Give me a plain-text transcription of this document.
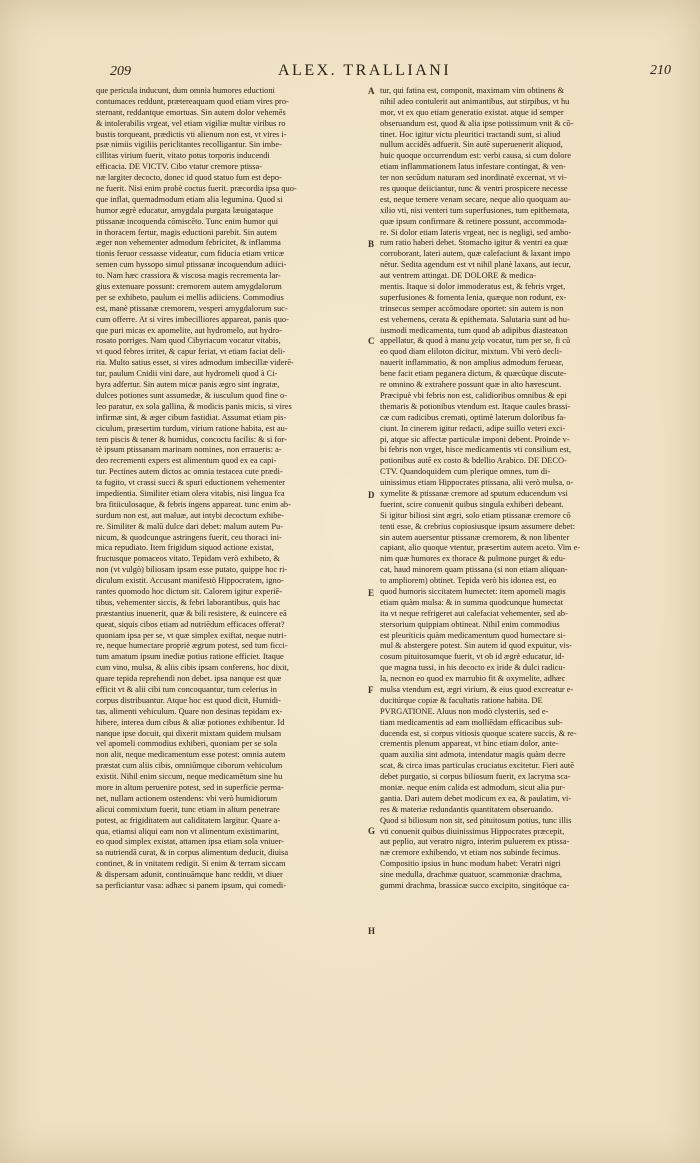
209	ALEX. TRALLIANI	210
que pericula inducunt, dum omnia humores eductioni
contumaces reddunt, prætereaquam quod etiam vires pro-
sternant, reddantque emortuas. Sin autem dolor vehemēs
& intolerabilis vrgeat, vel etiam vigiliæ multæ viribus ro
bustis torqueant, prædictis vti alienum non est, vt vires i-
psæ nimiis vigiliis periclitantes recolligantur. Sin imbe-
cillitas virium fuerit, vitato potus torporis inducendi
efficacia. DE VICTV. Cibo vtatur cremore ptissa-
næ largiter decocto, donec id quod statuo fum est depo-
ne fuerit. Nisi enim probè coctus fuerit. præcordia ipsa quo-
que inflat, quemadmodum etiam alia legumina. Quod si
humor ægrè educatur, amygdala purgata læuigataque
ptissanæ incoquenda cōmiscēto. Tunc enim humor qui
in thoracem fertur, magis eductioni parebit. Sin autem
æger non vehementer admodum febricitet, & inflamma
tionis feruor cessasse videatur, cum fiducia etiam vrticæ
semen cum hyssopo simul ptissanæ incoquendum adiici-
to. Nam hæc crassiora & viscosa magis recrementa lar-
gius extenuare possunt: cremorem autem amygdalorum
per se exhibeto, paulum ei mellis adiiciens. Commodius
est, manè ptissanæ cremorem, vesperi amygdalorum suc-
cum offerre. At si vires imbecilliores appareat, panis quo-
que puri micas ex apomelite, aut hydromelo, aut hydro-
rosato porriges. Nam quod Cibyriacum vocatur vitabis,
vt quod febres irritet, & capur feriat, vt etiam faciat deli-
ria. Multo satius esset, si vires admodum imbecillæ viderē-
tur, paulum Cnidii vini dare, aut hydromeli quod à Ci-
byra adfertur. Sin autem micæ panis ægro sint ingratæ,
dulces potiones sunt assumedæ, & iusculum quod fine o-
leo paratur, ex sola gallina, & modicis panis micis, si vires
infirmæ sint, & æger cibum fastidiat. Assumat etiam pis-
ciculum, præsertim turdum, virium ratione habita, est au-
tem piscis & tener & humidus, concoctu facilis: & si for-
tè ipsum ptissanam marinam nomines, non erraueris: a-
deo recrementi expers est alimentum quod ex ea capi-
tur. Pectines autem dictos ac omnia testacea cute prædi-
ta fugito, vt crassi succi & spuri eductionem vehementer
impedientia. Similiter etiam olera vitabis, nisi lingua fca
bra fitiiculosaque, & febris ingens appareat. tunc enim ab-
surdum non est, aut maluæ, aut intybi decoctum exhibe-
re. Similiter & malū dulce dari debet: malum autem Pu-
nicum, & quodcunque astringens fuerit, ceu thoraci ini-
mica repudiato. Item frigidum siquod actione existat,
fructusque pomaceos vitato. Tepidam verò exhibeto, &
non (vt vulgò) biliosam ipsam esse putato, quippe hoc ri-
diculum existit. Accusant manifestò Hippocratem, igno-
rantes quomodo hoc dictum sit. Calorem igitur experiē-
tibus, vehementer siccis, & febri laborantibus, quis hac
præstantius inuenerit, quæ & bili resistere, & euincere eā
queat, siquis cibos etiam ad nutriēdum efficaces offerat?
quoniam ipsa per se, vt quæ simplex exiftat, neque nutri-
re, neque humectare propriè ægrum potest, sed tum ficci-
tum amatum ipsum inediæ potius ratione efficiet. Itaque
cum vino, mulsa, & aliis cibis ipsam conferens, hoc dixit,
quare tepida reprehendi non debet. ipsa nanque est quæ
efficit vt & alii cibi tum concoquantur, tum celerius in
corpus distribuantur. Atque hoc est quod dicit, Humidi-
tas, alimenti vehiculum. Quare non desinas tepidam ex-
hibere, interea dum cibus & aliæ potiones exhibentur. Id
nanque ipse docuit, qui dixerit mixtam quidem mulsam
vel apomeli commodius exhiberi, quoniam per se sola
non alit, neque medicamentum esse potest: omnia autem
præstat cum aliis cibis, omniūmque ciborum vehiculum
existit. Nihil enim siccum, neque medicamētum sine hu
more in altum peruenire potest, sed in superficie perma-
net, nullam actionem ostendens: vbi verò humidiorum
alicui commixtum fuerit, tunc etiam in altum penetrare
potest, ac frigiditatem aut caliditatem largitur. Quare a-
qua, etiamsi aliqui eam non vt alimentum existimarint,
eo quod simplex existat, attamen ipsa etiam sola vniuer-
sa nutriendā curat, & in corpus alimentum deducit, diuisa
continet, & in vnitatem redigit. Si enim & terram siccam
& dispersam adunit, continuāmque hanc reddit, vt diuer
sa perficiantur vasa: adhæc si panem ipsum, qui comedi-
tur, qui fatina est, componit, maximam vim obtinens &
nihil adeo contulerit aut animantibus, aut stirpibus, vt hu
mor, vt ex quo etiam generatio existat. atque id semper
obseruandum est, quod & alia ipse potissimum vnit & cō-
tinet. Hoc igitur victu pleuritici tractandi sunt, si aliud
nullum accidēs adfuerit. Sin autē superuenerit aliquod,
huic quoque occurrendum est: verbi causa, si cum dolore
etiam inflammationem latus infestare contingat, & ven-
ter non secūdum naturam sed inordinatè excernat, vt vi-
res quoque deiiciantur, tunc & ventri prospicere necesse
est, neque temere venam secare, neque alio quoquam au-
xilio vti, nisi venteri tum superfusiones, tum epithemata,
quæ ipsum confirmare & retinere possunt, accommoda-
re. Si dolor etiam lateris vrgeat, nec is negligi, sed ambo-
rum ratio haberi debet. Stomacho igitur & ventri ea quæ
corroborant, lateri autem, quæ calefaciunt & laxant impo
nētur. Sedita agendum est vt nihil planè laxans, aut iecur,
aut ventrem attingat. DE DOLORE & medica-
mentis. Itaque si dolor immoderatus est, & febris vrget,
superfusiones & fomenta lenia, quæque non rodunt, ex-
trinsecus semper accōmodare oportet: sin autem is non
est vehemens, cerata & epithemata. Salutaria sunt ad hu-
iusmodi medicamenta, tum quod ab adipibus diasteatωn
appellatur, & quod à manu χείρ vocatur, tum per se, fi cū
eo quod diam eliloton dicitur, mixtum. Vbi verò decli-
nauerit inflammatio, & non amplius admodum feruear,
bene facit etiam peganera dictum, & quæcūque discute-
re omnino & extrahere possunt quæ in alto hærescunt.
Præcipuè vbi febris non est, calidioribus omnibus & epi
themaris & potionibus vtendum est. Itaque caules brassi-
cæ cum radicibus cremati, optimè laterum doloribus fa-
ciunt. In cinerem igitur redacti, adipe suillo veteri exci-
pi, atque sic affectæ particulæ imponi debent. Proinde v-
bi febris non vrget, hisce medicamentis vti consilium est,
potionibus autē ex costo & bdellio Arabico. DE DECO-
CTV. Quandoquidem cum plerique omnes, tum di-
uinissimus etiam Hippocrates ptissana, alii verò mulsa, o-
xymelite & ptissanæ cremore ad sputum educendum vsi
fuerint, scire conuenit quibus singula exhiberi debeant.
Si igitur biliosi sint ægri, solo etiam ptissanæ cremore cō
tenti esse, & crebrius copiosiusque ipsum assumere debet:
sin autem auersentur ptissanæ cremorem, & non libenter
capiant, alio quoque vtentur, præsertim autem aceto. Vim e-
nim quæ humores ex thorace & pulmone purget & edu-
cat, haud minorem quam ptissana (si non etiam aliquan-
to ampliorem) obtinet. Tepida verò his idonea est, eo
quod humoris siccitatem humectet: item apomeli magis
etiam quàm mulsa: & in summa quodcunque humectat
ita vt neque refrigeret aut calefaciat vehementer, sed ab-
stersorium quippiam obtineat. Nihil enim commodius
est pleuriticis quàm medicamentum quod humectare si-
mul & abstergere potest. Sin autem id quod expuitur, vis-
cosum pituitosumque fuerit, vt ob id ægrè educatur, id-
que magna tussi, in his decocto ex iride & dulci radicu-
la, necnon eo quod ex marrubio fit & oxymelite, adhæc
mulsa vtendum est, ægri virium, & eius quod excreatur e-
ducitúrque copiæ & facultatis ratione habita. DE
PVRGATIONE. Aluus non modò clysteriis, sed e-
tiam medicamentis ad eam molliēdam efficacibus sub-
ducenda est, si corpus vitiosis quoque scatere succis, & re-
crementis plenum appareat, vt hinc etiam dolor, ante-
quam auxilia sint admota, intendatur magis quàm decre
scat, & circa imas particulas cruciatus excitetur. Fieri autē
debet purgatio, si corpus biliosum fuerit, ex lacryma sca-
moniæ. neque enim calida est admodum, sicut alia pur-
gantia. Dari autem debet modicum ex ea, & paulatim, vi-
res & materiæ redundantis quantitatem obseruando.
Quod si biliosum non sit, sed pituitosum potius, tunc illis
vti conuenit quibus diuinissimus Hippocrates præcepit,
aut peplio, aut veratro nigro, interim puluerem ex ptissa-
næ cremore exhibendo, vt etiam nos subinde fecimus.
Compositio ipsius in hunc modum habet: Veratri nigri
sine medulla, drachmæ quatuor, scammoniæ drachma,
gummi drachma, brassicæ succo excipito, singitóque ca-
A
B
C
D
E
F
G
H
